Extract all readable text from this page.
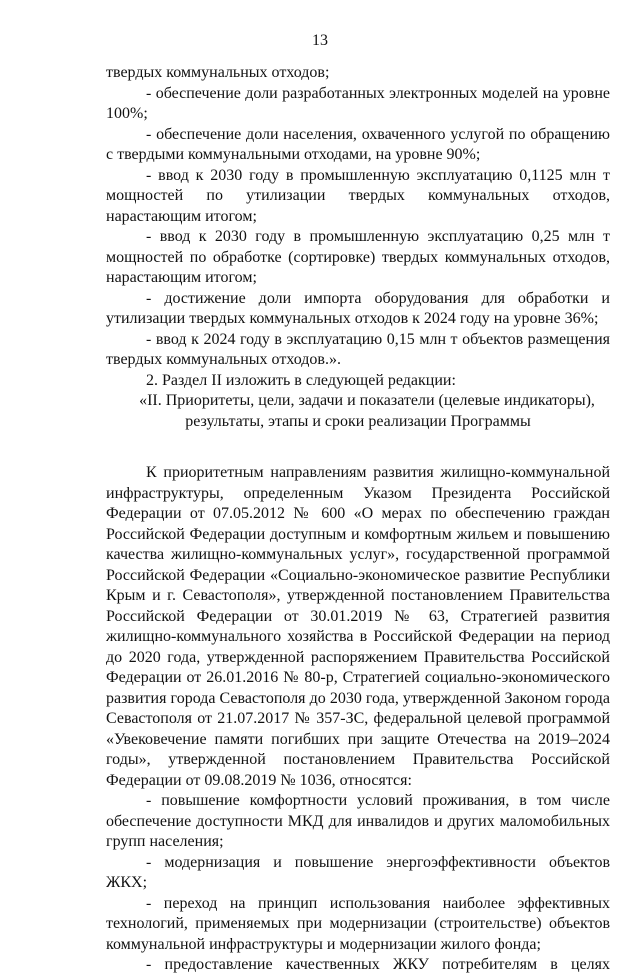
13

твердых коммунальных отходов;

- обеспечение доли разработанных электронных моделей на уровне 100%;

- обеспечение доли населения, охваченного услугой по обращению с твердыми коммунальными отходами, на уровне 90%;

- ввод к 2030 году в промышленную эксплуатацию 0,1125 млн т мощностей по утилизации твердых коммунальных отходов, нарастающим итогом;

- ввод к 2030 году в промышленную эксплуатацию 0,25 млн т мощностей по обработке (сортировке) твердых коммунальных отходов, нарастающим итогом;

- достижение доли импорта оборудования для обработки и утилизации твердых коммунальных отходов к 2024 году на уровне 36%;

- ввод к 2024 году в эксплуатацию 0,15 млн т объектов размещения твердых коммунальных отходов.».

2. Раздел II изложить в следующей редакции:

«II. Приоритеты, цели, задачи и показатели (целевые индикаторы),

результаты, этапы и сроки реализации Программы

К приоритетным направлениям развития жилищно-коммунальной инфраструктуры, определенным Указом Президента Российской Федерации от 07.05.2012 № 600 «О мерах по обеспечению граждан Российской Федерации доступным и комфортным жильем и повышению качества жилищно-коммунальных услуг», государственной программой Российской Федерации «Социально-экономическое развитие Республики Крым и г. Севастополя», утвержденной постановлением Правительства Российской Федерации от 30.01.2019 № 63, Стратегией развития жилищно-коммунального хозяйства в Российской Федерации на период до 2020 года, утвержденной распоряжением Правительства Российской Федерации от 26.01.2016 № 80-р, Стратегией социально-экономического развития города Севастополя до 2030 года, утвержденной Законом города Севастополя от 21.07.2017 № 357-ЗС, федеральной целевой программой «Увековечение памяти погибших при защите Отечества на 2019–2024 годы», утвержденной постановлением Правительства Российской Федерации от 09.08.2019 № 1036, относятся:

- повышение комфортности условий проживания, в том числе обеспечение доступности МКД для инвалидов и других маломобильных групп населения;

- модернизация и повышение энергоэффективности объектов ЖКХ;

- переход на принцип использования наиболее эффективных технологий, применяемых при модернизации (строительстве) объектов коммунальной инфраструктуры и модернизации жилого фонда;

- предоставление качественных ЖКУ потребителям в целях
